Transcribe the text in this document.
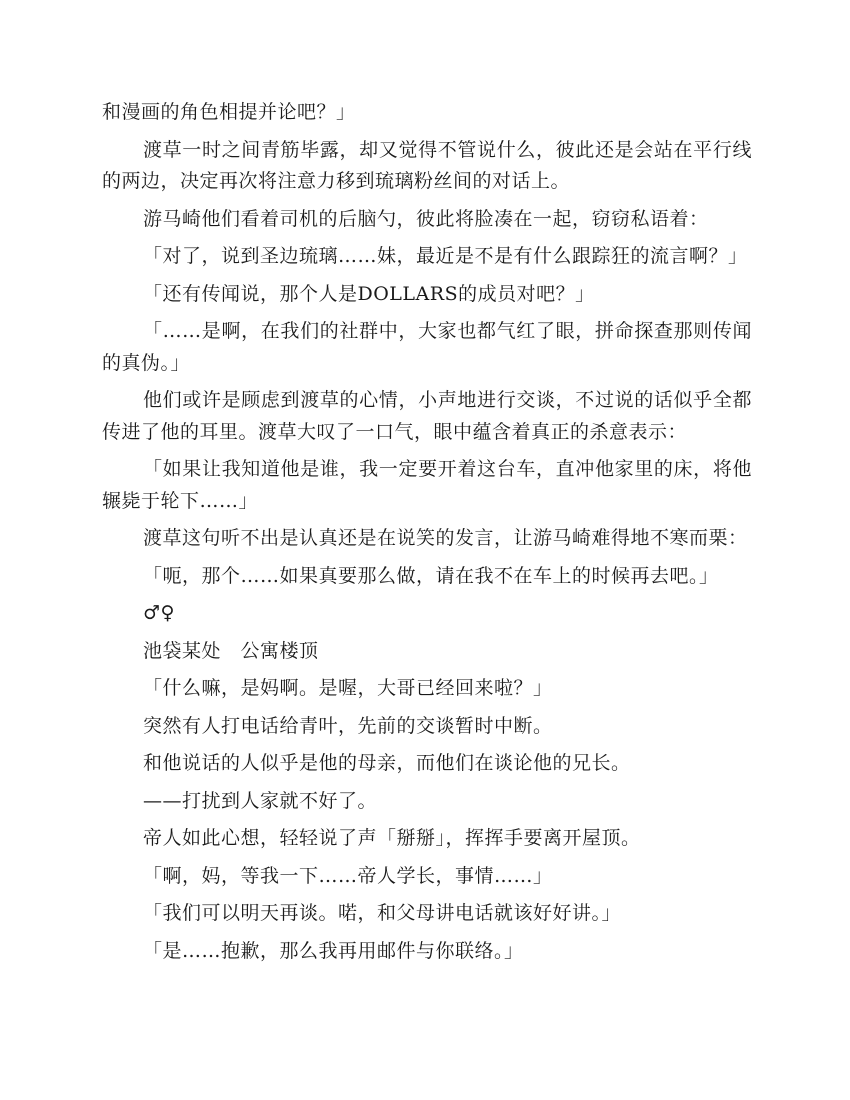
和漫画的角色相提并论吧？」

渡草一时之间青筋毕露，却又觉得不管说什么，彼此还是会站在平行线的两边，决定再次将注意力移到琉璃粉丝间的对话上。

游马崎他们看着司机的后脑勺，彼此将脸凑在一起，窃窃私语着：

「对了，说到圣边琉璃……妹，最近是不是有什么跟踪狂的流言啊？」

「还有传闻说，那个人是DOLLARS的成员对吧？」

「……是啊，在我们的社群中，大家也都气红了眼，拼命探查那则传闻的真伪。」

他们或许是顾虑到渡草的心情，小声地进行交谈，不过说的话似乎全都传进了他的耳里。渡草大叹了一口气，眼中蕴含着真正的杀意表示：

「如果让我知道他是谁，我一定要开着这台车，直冲他家里的床，将他辗毙于轮下……」

渡草这句听不出是认真还是在说笑的发言，让游马崎难得地不寒而栗：

「呃，那个……如果真要那么做，请在我不在车上的时候再去吧。」

♂♀

池袋某处　公寓楼顶

「什么嘛，是妈啊。是喔，大哥已经回来啦？」

突然有人打电话给青叶，先前的交谈暂时中断。

和他说话的人似乎是他的母亲，而他们在谈论他的兄长。

——打扰到人家就不好了。

帝人如此心想，轻轻说了声「掰掰」，挥挥手要离开屋顶。

「啊，妈，等我一下……帝人学长，事情……」

「我们可以明天再谈。喏，和父母讲电话就该好好讲。」

「是……抱歉，那么我再用邮件与你联络。」
